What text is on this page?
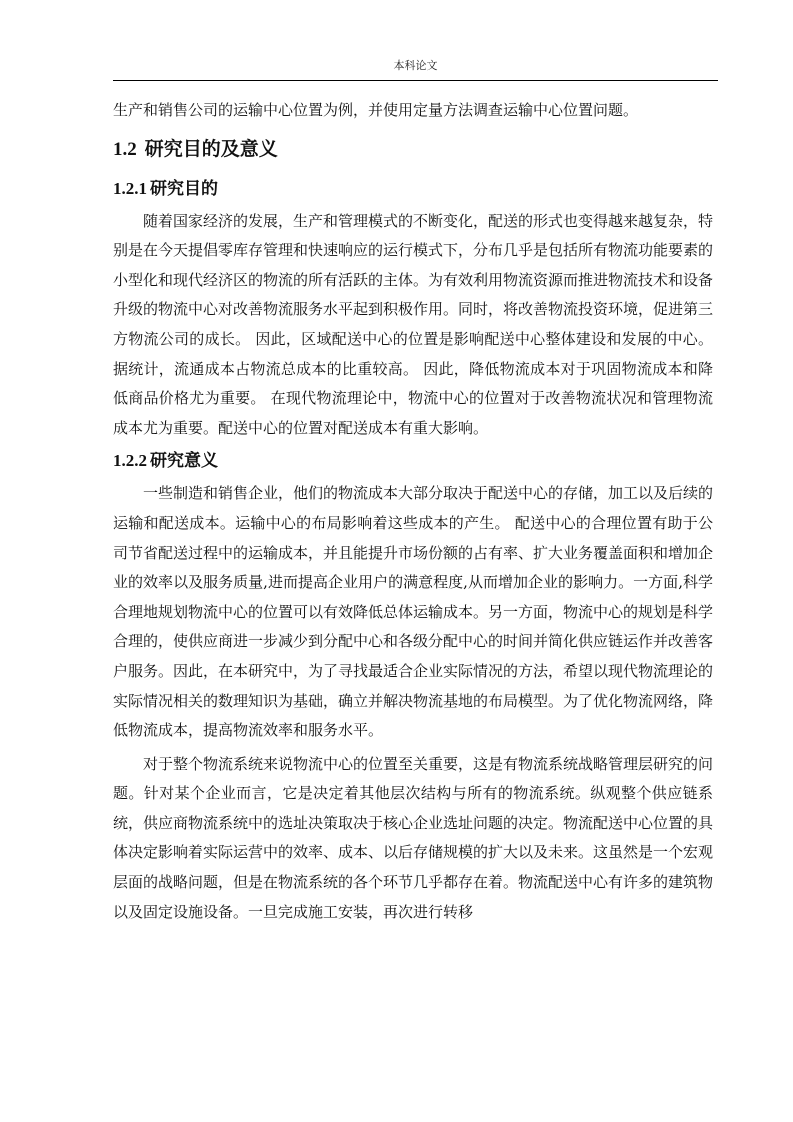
本科论文

生产和销售公司的运输中心位置为例，并使用定量方法调查运输中心位置问题。

1.2 研究目的及意义
1.2.1 研究目的

随着国家经济的发展，生产和管理模式的不断变化，配送的形式也变得越来越复杂，特别是在今天提倡零库存管理和快速响应的运行模式下，分布几乎是包括所有物流功能要素的小型化和现代经济区的物流的所有活跃的主体。为有效利用物流资源而推进物流技术和设备升级的物流中心对改善物流服务水平起到积极作用。同时，将改善物流投资环境，促进第三方物流公司的成长。 因此，区域配送中心的位置是影响配送中心整体建设和发展的中心。 据统计，流通成本占物流总成本的比重较高。 因此，降低物流成本对于巩固物流成本和降低商品价格尤为重要。 在现代物流理论中，物流中心的位置对于改善物流状况和管理物流成本尤为重要。配送中心的位置对配送成本有重大影响。

1.2.2 研究意义

一些制造和销售企业，他们的物流成本大部分取决于配送中心的存储，加工以及后续的运输和配送成本。运输中心的布局影响着这些成本的产生。 配送中心的合理位置有助于公司节省配送过程中的运输成本，并且能提升市场份额的占有率、扩大业务覆盖面积和增加企业的效率以及服务质量,进而提高企业用户的满意程度,从而增加企业的影响力。一方面,科学合理地规划物流中心的位置可以有效降低总体运输成本。另一方面，物流中心的规划是科学合理的，使供应商进一步减少到分配中心和各级分配中心的时间并简化供应链运作并改善客户服务。因此，在本研究中，为了寻找最适合企业实际情况的方法，希望以现代物流理论的实际情况相关的数理知识为基础，确立并解决物流基地的布局模型。为了优化物流网络，降低物流成本，提高物流效率和服务水平。

对于整个物流系统来说物流中心的位置至关重要，这是有物流系统战略管理层研究的问题。针对某个企业而言，它是决定着其他层次结构与所有的物流系统。纵观整个供应链系统，供应商物流系统中的选址决策取决于核心企业选址问题的决定。物流配送中心位置的具体决定影响着实际运营中的效率、成本、以后存储规模的扩大以及未来。这虽然是一个宏观层面的战略问题，但是在物流系统的各个环节几乎都存在着。物流配送中心有许多的建筑物以及固定设施设备。一旦完成施工安装，再次进行转移
